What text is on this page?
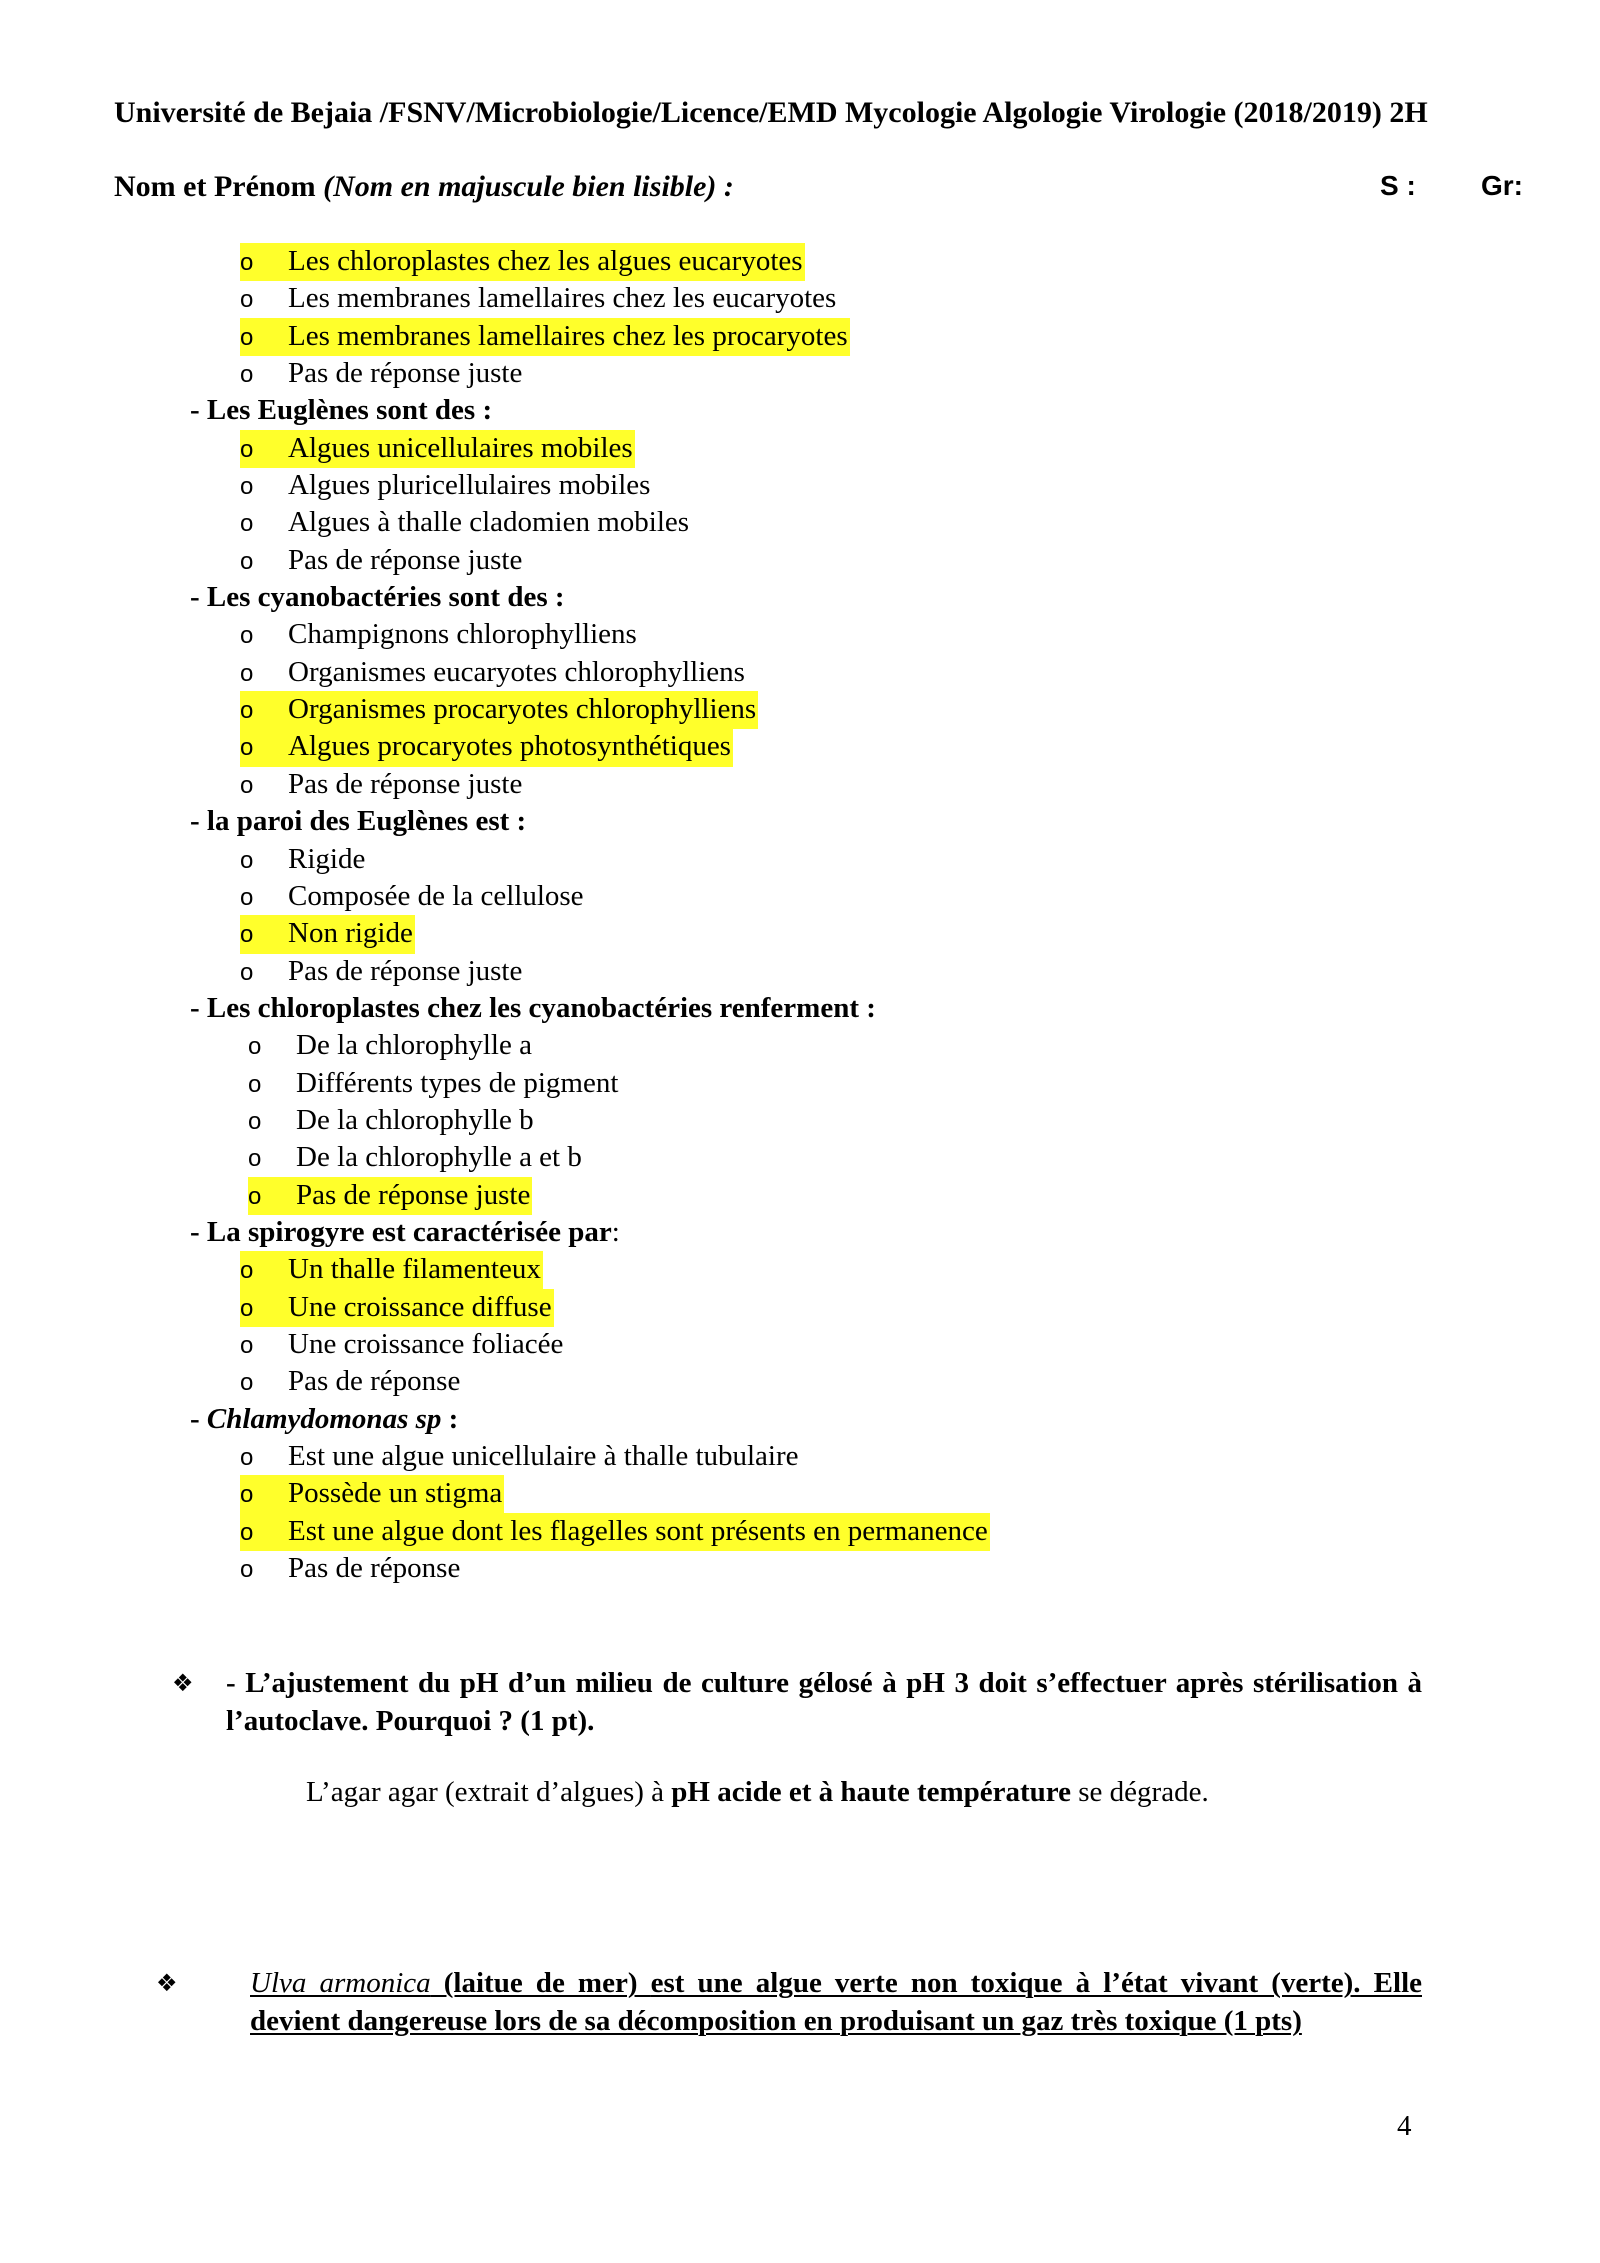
Université de Bejaia /FSNV/Microbiologie/Licence/EMD Mycologie Algologie Virologie (2018/2019) 2H
Nom et Prénom (Nom en majuscule bien lisible) :	S : Gr:
o Les chloroplastes chez les algues eucaryotes
o Les membranes lamellaires chez les eucaryotes
o Les membranes lamellaires chez les procaryotes
o Pas de réponse juste
- Les Euglènes sont des :
o Algues unicellulaires mobiles
o Algues pluricellulaires mobiles
o Algues à thalle cladomien mobiles
o Pas de réponse juste
- Les cyanobactéries sont des :
o Champignons chlorophylliens
o Organismes eucaryotes chlorophylliens
o Organismes procaryotes chlorophylliens
o Algues procaryotes photosynthétiques
o Pas de réponse juste
- la paroi des Euglènes est :
o Rigide
o Composée de la cellulose
o Non rigide
o Pas de réponse juste
- Les chloroplastes chez les cyanobactéries renferment :
o De la chlorophylle a
o Différents types de pigment
o De la chlorophylle b
o De la chlorophylle a et b
o Pas de réponse juste
- La spirogyre est caractérisée par:
o Un thalle filamenteux
o Une croissance diffuse
o Une croissance foliacée
o Pas de réponse
- Chlamydomonas sp :
o Est une algue unicellulaire à thalle tubulaire
o Possède un stigma
o Est une algue dont les flagelles sont présents en permanence
o Pas de réponse
❖ - L’ajustement du pH d’un milieu de culture gélosé à pH 3 doit s’effectuer après stérilisation à l’autoclave. Pourquoi ? (1 pt).
L’agar agar (extrait d’algues) à pH acide et à haute température se dégrade.
❖ Ulva armonica (laitue de mer) est une algue verte non toxique à l’état vivant (verte). Elle devient dangereuse lors de sa décomposition en produisant un gaz très toxique (1 pts)
4
